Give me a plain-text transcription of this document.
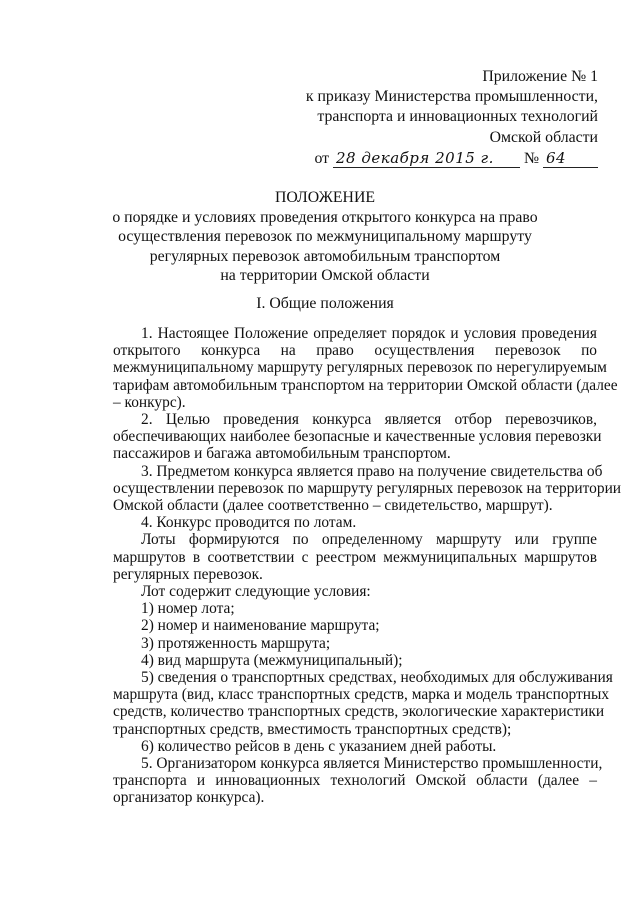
Приложение № 1
к приказу Министерства промышленности,
транспорта и инновационных технологий
Омской области
от 28 декабря 2015 г. № 64
ПОЛОЖЕНИЕ
о порядке и условиях проведения открытого конкурса на право
осуществления перевозок по межмуниципальному маршруту
регулярных перевозок автомобильным транспортом
на территории Омской области
I. Общие положения
1. Настоящее Положение определяет порядок и условия проведения
открытого конкурса на право осуществления перевозок по
межмуниципальному маршруту регулярных перевозок по нерегулируемым
тарифам автомобильным транспортом на территории Омской области (далее
– конкурс).
2. Целью проведения конкурса является отбор перевозчиков,
обеспечивающих наиболее безопасные и качественные условия перевозки
пассажиров и багажа автомобильным транспортом.
3. Предметом конкурса является право на получение свидетельства об
осуществлении перевозок по маршруту регулярных перевозок на территории
Омской области (далее соответственно – свидетельство, маршрут).
4. Конкурс проводится по лотам.
Лоты формируются по определенному маршруту или группе
маршрутов в соответствии с реестром межмуниципальных маршрутов
регулярных перевозок.
Лот содержит следующие условия:
1) номер лота;
2) номер и наименование маршрута;
3) протяженность маршрута;
4) вид маршрута (межмуниципальный);
5) сведения о транспортных средствах, необходимых для обслуживания
маршрута (вид, класс транспортных средств, марка и модель транспортных
средств, количество транспортных средств, экологические характеристики
транспортных средств, вместимость транспортных средств);
6) количество рейсов в день с указанием дней работы.
5. Организатором конкурса является Министерство промышленности,
транспорта и инновационных технологий Омской области (далее –
организатор конкурса).
